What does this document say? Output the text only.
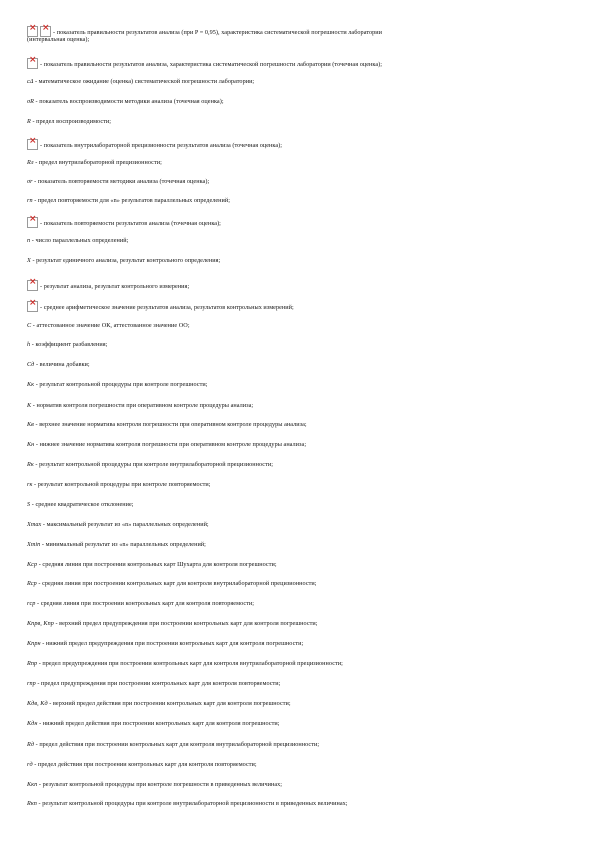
××- показатель правильности результатов анализа (при P = 0,95), характеристика систематической погрешности лаборатории
(интервальная оценка);
×- показатель правильности результатов анализа, характеристика систематической погрешности лаборатории (точечная оценка);
cΔ - математическое ожидание (оценка) систематической погрешности лаборатории;
σR - показатель воспроизводимости методики анализа (точечная оценка);
R - предел воспроизводимости;
×- показатель внутрилабораторной прецизионности результатов анализа (точечная оценка);
Rл - предел внутрилабораторной прецизионности;
σr - показатель повторяемости методики анализа (точечная оценка);
rn - предел повторяемости для «n» результатов параллельных определений;
×- показатель повторяемости результатов анализа (точечная оценка);
n - число параллельных определений;
X - результат единичного анализа, результат контрольного определения;
×- результат анализа, результат контрольного измерения;
×- среднее арифметическое значение результатов анализа, результатов контрольных измерений;
С - аттестованное значение ОК, аттестованное значение ОО;
h - коэффициент разбавления;
Сд - величина добавки;
Кк - результат контрольной процедуры при контроле погрешности;
К - норматив контроля погрешности при оперативном контроле процедуры анализа;
Кв - верхнее значение норматива контроля погрешности при оперативном контроле процедуры анализа;
Кн - нижнее значение норматива контроля погрешности при оперативном контроле процедуры анализа;
Rк - результат контрольной процедуры при контроле внутрилабораторной прецизионности;
rк - результат контрольной процедуры при контроле повторяемости;
S - среднее квадратическое отклонение;
Xmax - максимальный результат из «n» параллельных определений;
Xmin - минимальный результат из «n» параллельных определений;
Kср - средняя линия при построении контрольных карт Шухарта для контроля погрешности;
Rср - средняя линия при построении контрольных карт для контроля внутрилабораторной прецизионности;
rср - средняя линия при построении контрольных карт для контроля повторяемости;
Kпрв, Kпр - верхний предел предупреждения при построении контрольных карт для контроля погрешности;
Kпрн - нижний предел предупреждения при построении контрольных карт для контроля погрешности;
Rпр - предел предупреждения при построении контрольных карт для контроля внутрилабораторной прецизионности;
rпр - предел предупреждения при построении контрольных карт для контроля повторяемости;
Kдв, Kд - верхний предел действия при построении контрольных карт для контроля погрешности;
Kдн - нижний предел действия при построении контрольных карт для контроля погрешности;
Rд - предел действия при построении контрольных карт для контроля внутрилабораторной прецизионности;
rд - предел действия при построении контрольных карт для контроля повторяемости;
Kкп - результат контрольной процедуры при контроле погрешности в приведенных величинах;
Rкп - результат контрольной процедуры при контроле внутрилабораторной прецизионности в приведенных величинах;
